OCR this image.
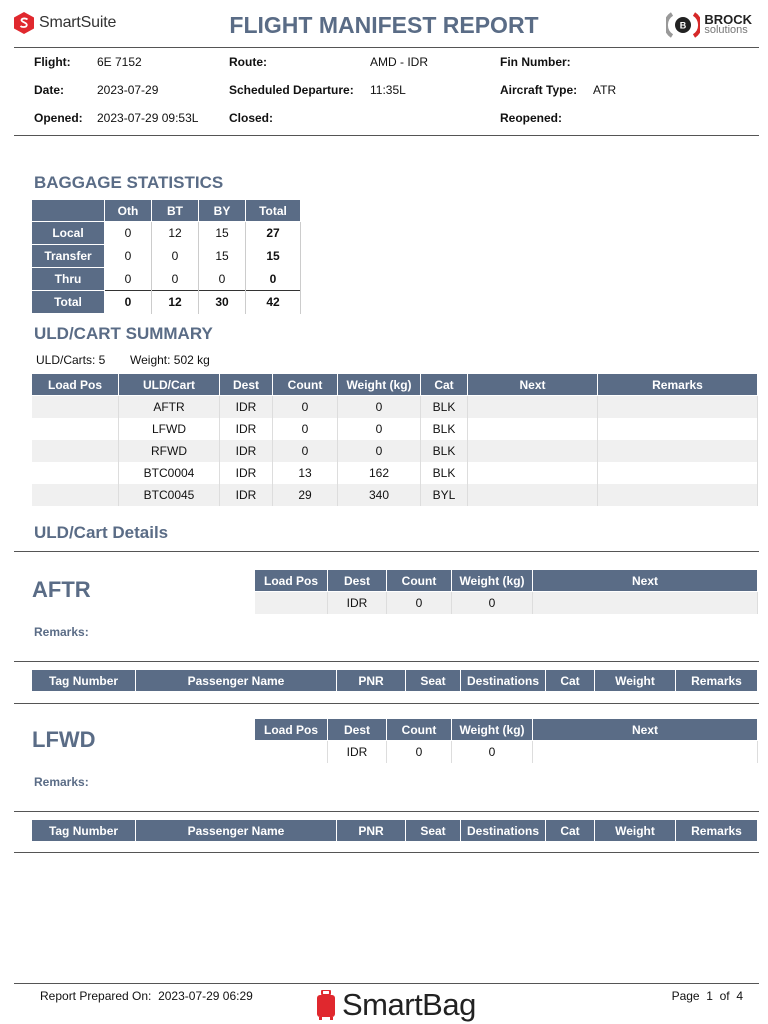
SmartSuite	FLIGHT MANIFEST REPORT	B BROCK
solutions
Flight: 6E 7152	Route:	AMD - IDR	Fin Number:
Date:	2023-07-29	Scheduled Departure: 11:35L	Aircraft Type: ATR
Opened: 2023-07-29 09:53L	Closed:	Reopened:
BAGGAGE STATISTICS
	Oth	BT	BY	Total
Local	0	12	15	27
Transfer	0	0	15	15
Thru	0	0	0	0
Total	0	12	30	42
ULD/CART SUMMARY
ULD/Carts: 5 Weight: 502 kg
Load Pos	ULD/Cart	Dest	Count	Weight (kg)	Cat	Next	Remarks
	AFTR	IDR	0	0	BLK		
	LFWD	IDR	0	0	BLK		
	RFWD	IDR	0	0	BLK		
	BTC0004	IDR	13	162	BLK		
	BTC0045	IDR	29	340	BYL		
ULD/Cart Details
AFTR	Load Pos	Dest	Count	Weight (kg)	Next
	IDR	0	0	
Remarks:
Tag Number	Passenger Name	PNR	Seat	Destinations	Cat	Weight	Remarks
LFWD	Load Pos	Dest	Count	Weight (kg)	Next
	IDR	0	0	
Remarks:
Tag Number	Passenger Name	PNR	Seat	Destinations	Cat	Weight	Remarks
Report Prepared On: 2023-07-29 06:29	SmartBag	Page 1 of 4
